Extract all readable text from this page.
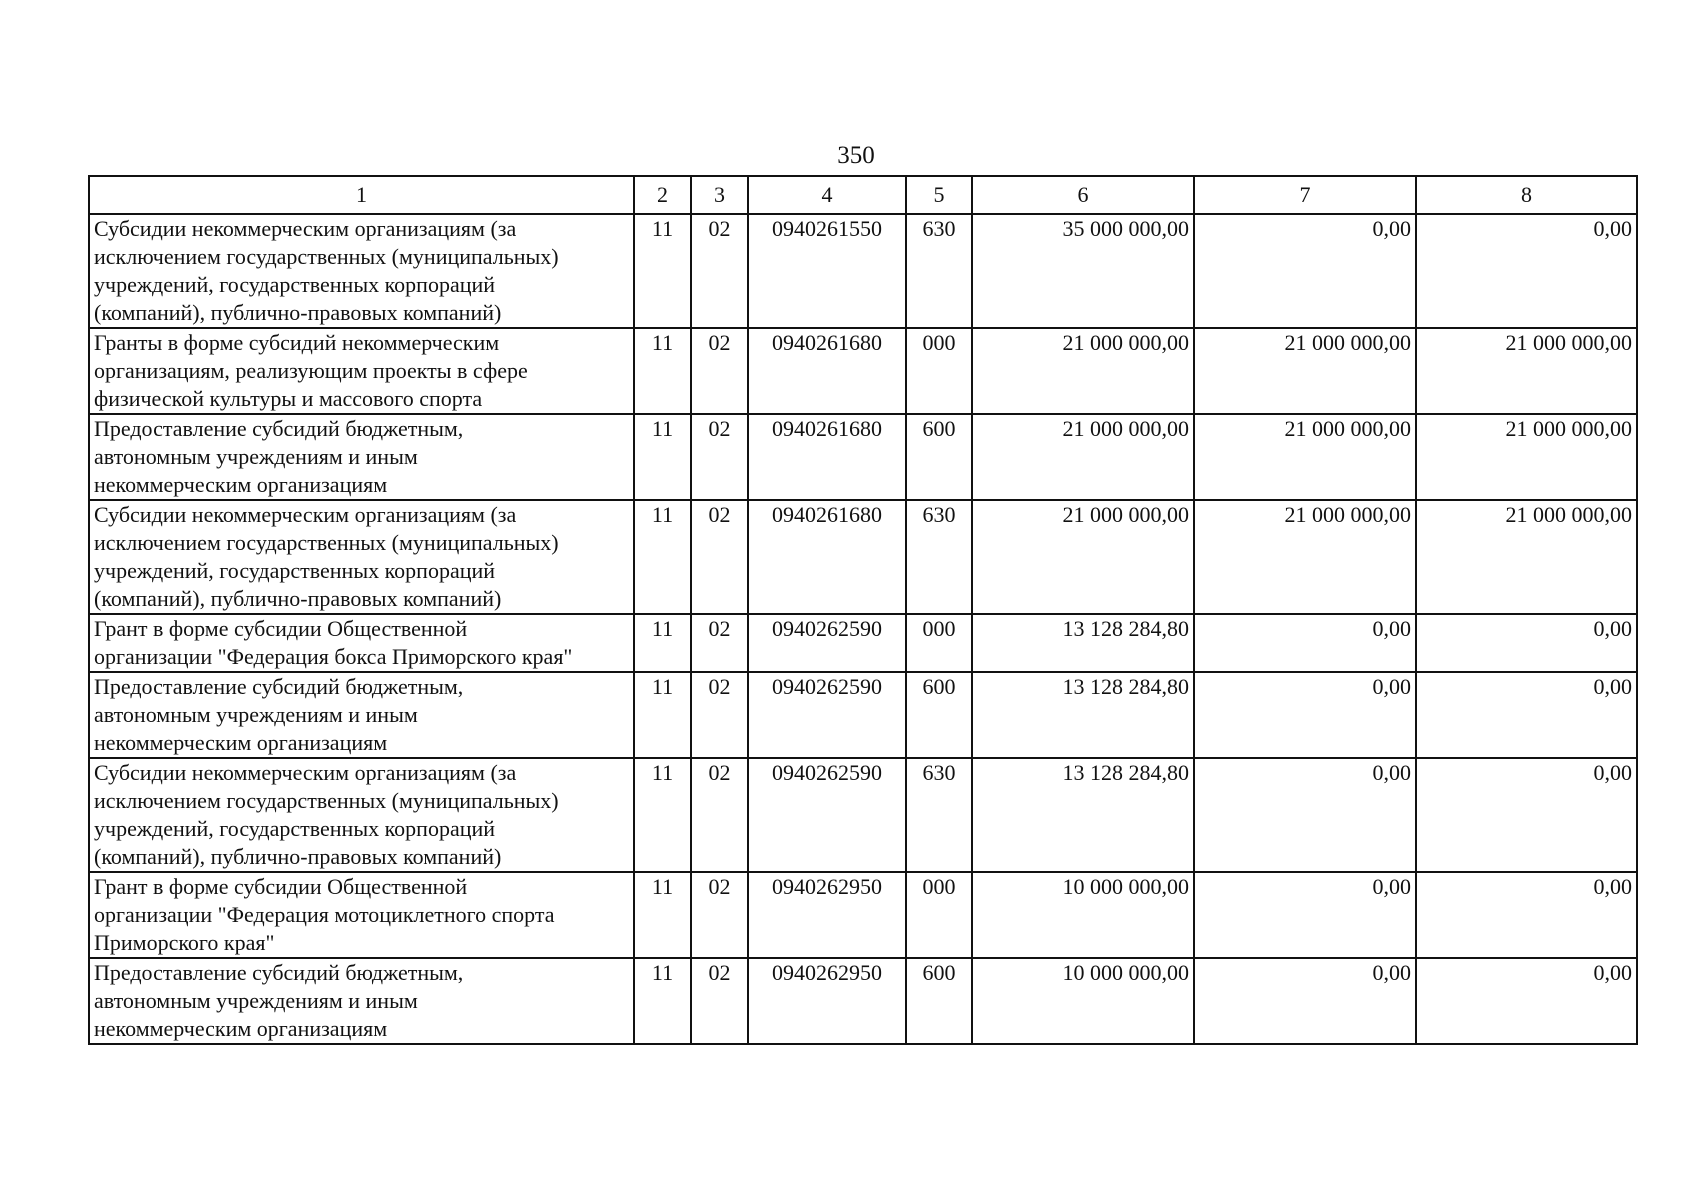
350
1	2	3	4	5	6	7	8

Субсидии некоммерческим организациям (за
исключением государственных (муниципальных)
учреждений, государственных корпораций
(компаний), публично-правовых компаний)	11	02	0940261550	630	35 000 000,00	0,00	0,00

Гранты в форме субсидий некоммерческим
организациям, реализующим проекты в сфере
физической культуры и массового спорта	11	02	0940261680	000	21 000 000,00	21 000 000,00	21 000 000,00

Предоставление субсидий бюджетным,
автономным учреждениям и иным
некоммерческим организациям	11	02	0940261680	600	21 000 000,00	21 000 000,00	21 000 000,00

Субсидии некоммерческим организациям (за
исключением государственных (муниципальных)
учреждений, государственных корпораций
(компаний), публично-правовых компаний)	11	02	0940261680	630	21 000 000,00	21 000 000,00	21 000 000,00

Грант в форме субсидии Общественной
организации "Федерация бокса Приморского края"	11	02	0940262590	000	13 128 284,80	0,00	0,00

Предоставление субсидий бюджетным,
автономным учреждениям и иным
некоммерческим организациям	11	02	0940262590	600	13 128 284,80	0,00	0,00

Субсидии некоммерческим организациям (за
исключением государственных (муниципальных)
учреждений, государственных корпораций
(компаний), публично-правовых компаний)	11	02	0940262590	630	13 128 284,80	0,00	0,00

Грант в форме субсидии Общественной
организации "Федерация мотоциклетного спорта
Приморского края"	11	02	0940262950	000	10 000 000,00	0,00	0,00

Предоставление субсидий бюджетным,
автономным учреждениям и иным
некоммерческим организациям	11	02	0940262950	600	10 000 000,00	0,00	0,00
